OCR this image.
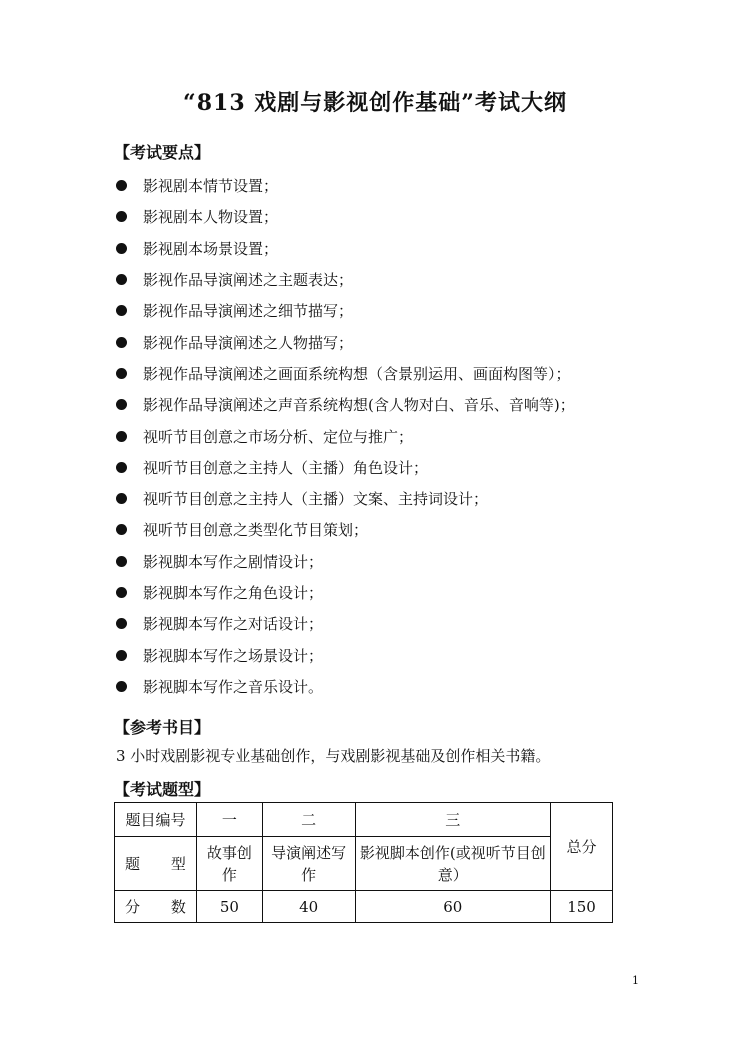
“813 戏剧与影视创作基础”考试大纲
【考试要点】
影视剧本情节设置；
影视剧本人物设置；
影视剧本场景设置；
影视作品导演阐述之主题表达；
影视作品导演阐述之细节描写；
影视作品导演阐述之人物描写；
影视作品导演阐述之画面系统构想（含景别运用、画面构图等）；
影视作品导演阐述之声音系统构想(含人物对白、音乐、音响等)；
视听节目创意之市场分析、定位与推广；
视听节目创意之主持人（主播）角色设计；
视听节目创意之主持人（主播）文案、主持词设计；
视听节目创意之类型化节目策划；
影视脚本写作之剧情设计；
影视脚本写作之角色设计；
影视脚本写作之对话设计；
影视脚本写作之场景设计；
影视脚本写作之音乐设计。
【参考书目】
3 小时戏剧影视专业基础创作，与戏剧影视基础及创作相关书籍。
【考试题型】
题目编号	一	二	三	总分
题　　型	故事创作	导演阐述写作	影视脚本创作(或视听节目创意）	
分　　数	50	40	60	150
1
